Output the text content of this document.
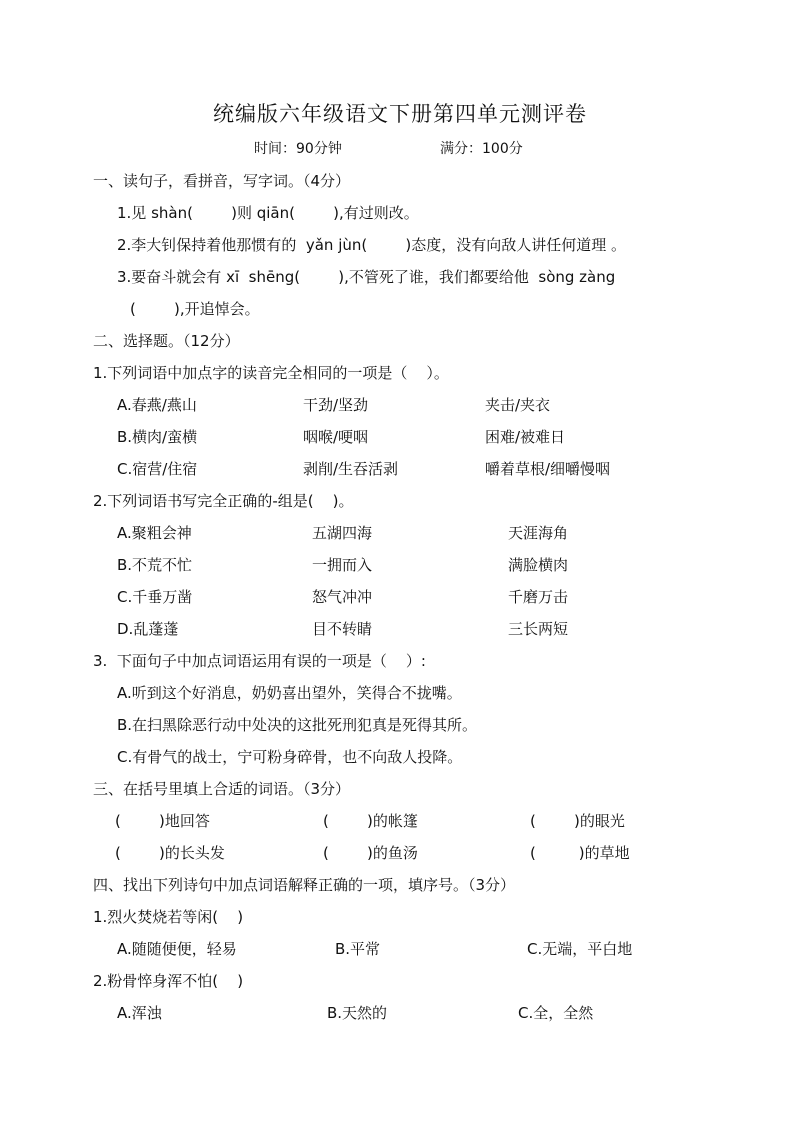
统编版六年级语文下册第四单元测评卷
时间：90分钟	满分：100分
一、读句子，看拼音，写字词。（4分）
1.见 shàn(        )则 qiān(        ),有过则改。
2.李大钊保持着他那惯有的  yǎn jùn(        )态度，没有向敌人讲任何道理 。
3.要奋斗就会有 xī  shēng(        ),不管死了谁，我们都要给他  sòng zàng
(        ),开追悼会。
二、选择题。（12分）
1.下列词语中加点字的读音完全相同的一项是（    ）。
A.春燕/燕山	干劲/坚劲	夹击/夹衣
B.横肉/蛮横	咽喉/哽咽	困难/被难日
C.宿营/住宿	剥削/生吞活剥	嚼着草根/细嚼慢咽
2.下列词语书写完全正确的-组是(    )。
A.聚粗会神	五湖四海	天涯海角
B.不荒不忙	一拥而入	满脸横肉
C.千垂万凿	怒气冲冲	千磨万击
D.乱蓬蓬	目不转睛	三长两短
3.  下面句子中加点词语运用有误的一项是（    ）:
A.听到这个好消息，奶奶喜出望外，笑得合不拢嘴。
B.在扫黑除恶行动中处决的这批死刑犯真是死得其所。
C.有骨气的战士，宁可粉身碎骨，也不向敌人投降。
三、在括号里填上合适的词语。（3分）
(        )地回答	(        )的帐篷	(        )的眼光
(        )的长头发	(        )的鱼汤	(         )的草地
四、找出下列诗句中加点词语解释正确的一项，填序号。（3分）
1.烈火焚烧若等闲(    )
A.随随便便，轻易	B.平常	C.无端，平白地
2.粉骨悴身浑不怕(    )
A.浑浊	B.天然的	C.全，全然
